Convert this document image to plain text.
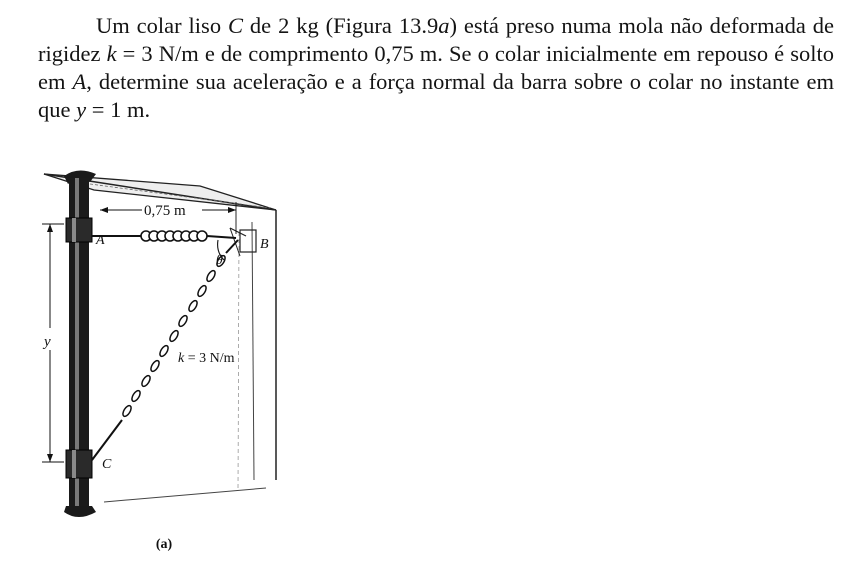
Um colar liso C de 2 kg (Figura 13.9a) está preso numa mola não deformada de rigidez k = 3 N/m e de comprimento 0,75 m. Se o colar inicialmente em repouso é solto em A, determine sua aceleração e a força normal da barra sobre o colar no instante em que y = 1 m.

0,75 m
A	B
C
θ
y
k = 3 N/m
(a)
